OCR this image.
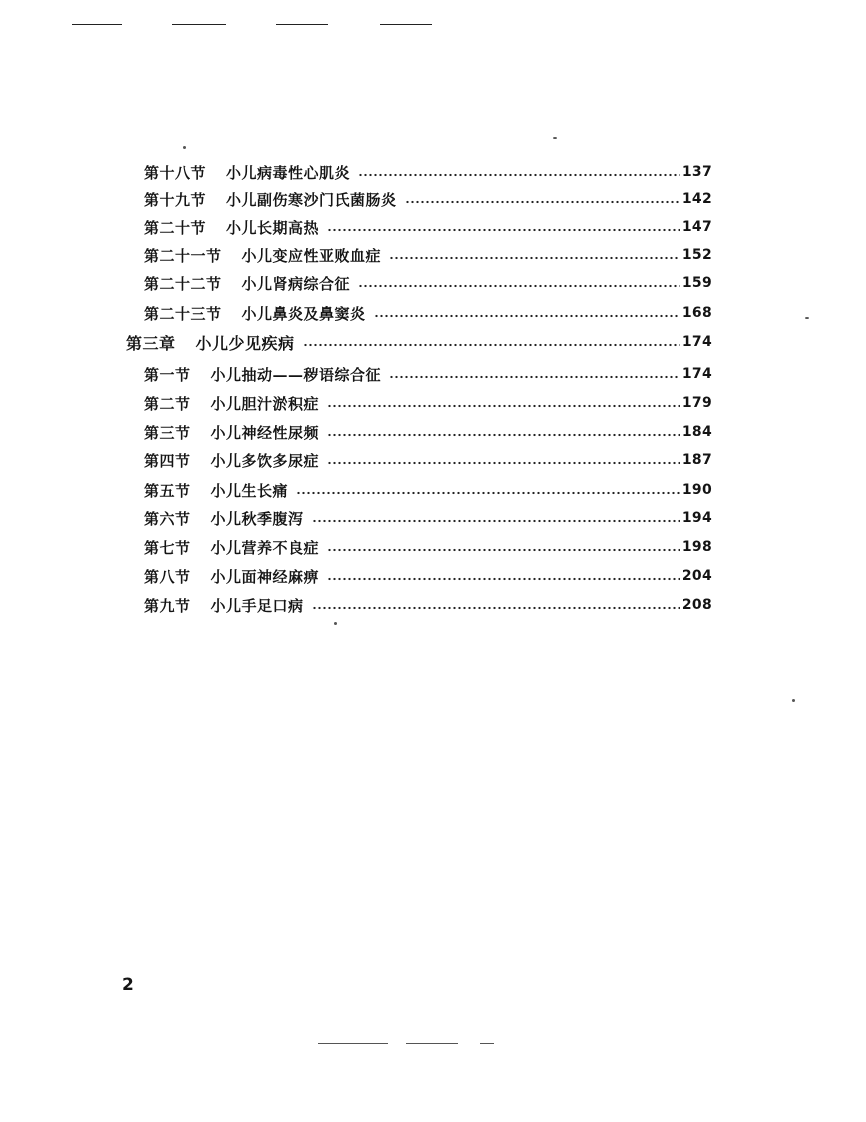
第十八节 小儿病毒性心肌炎	137
第十九节 小儿副伤寒沙门氏菌肠炎	142
第二十节 小儿长期高热	147
第二十一节 小儿变应性亚败血症	152
第二十二节 小儿肾病综合征	159
第二十三节 小儿鼻炎及鼻窦炎	168
第三章 小儿少见疾病	174
第一节 小儿抽动——秽语综合征	174
第二节 小儿胆汁淤积症	179
第三节 小儿神经性尿频	184
第四节 小儿多饮多尿症	187
第五节 小儿生长痛	190
第六节 小儿秋季腹泻	194
第七节 小儿营养不良症	198
第八节 小儿面神经麻痹	204
第九节 小儿手足口病	208
2
